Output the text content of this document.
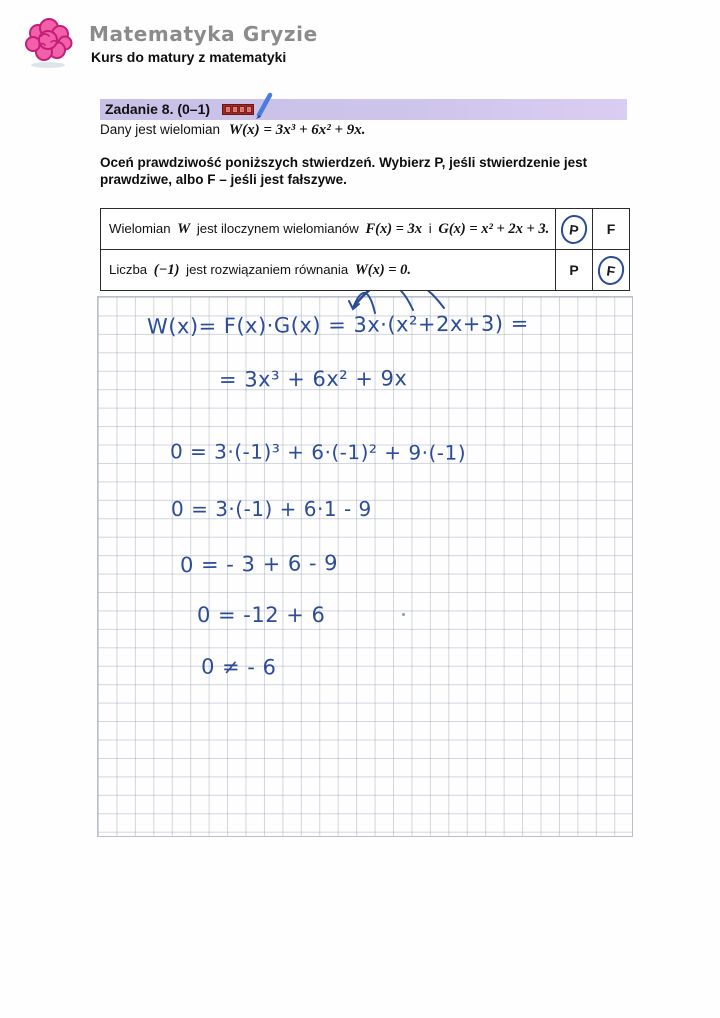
Matematyka Gryzie
Kurs do matury z matematyki
Zadanie 8. (0–1)

Dany jest wielomian W(x) = 3x³ + 6x² + 9x.

Oceń prawdziwość poniższych stwierdzeń. Wybierz P, jeśli stwierdzenie jest prawdziwe, albo F – jeśli jest fałszywe.

Wielomian W jest iloczynem wielomianów F(x) = 3x i G(x) = x² + 2x + 3.	P	F
Liczba (−1) jest rozwiązaniem równania W(x) = 0.	P	F
W(x)= F(x)·G(x) = 3x·(x²+2x+3) =
= 3x³ + 6x² + 9x
0 = 3·(-1)³ + 6·(-1)² + 9·(-1)
0 = 3·(-1) + 6·1 - 9
0 = - 3 + 6 - 9
0 = -12 + 6
0 ≠ - 6
